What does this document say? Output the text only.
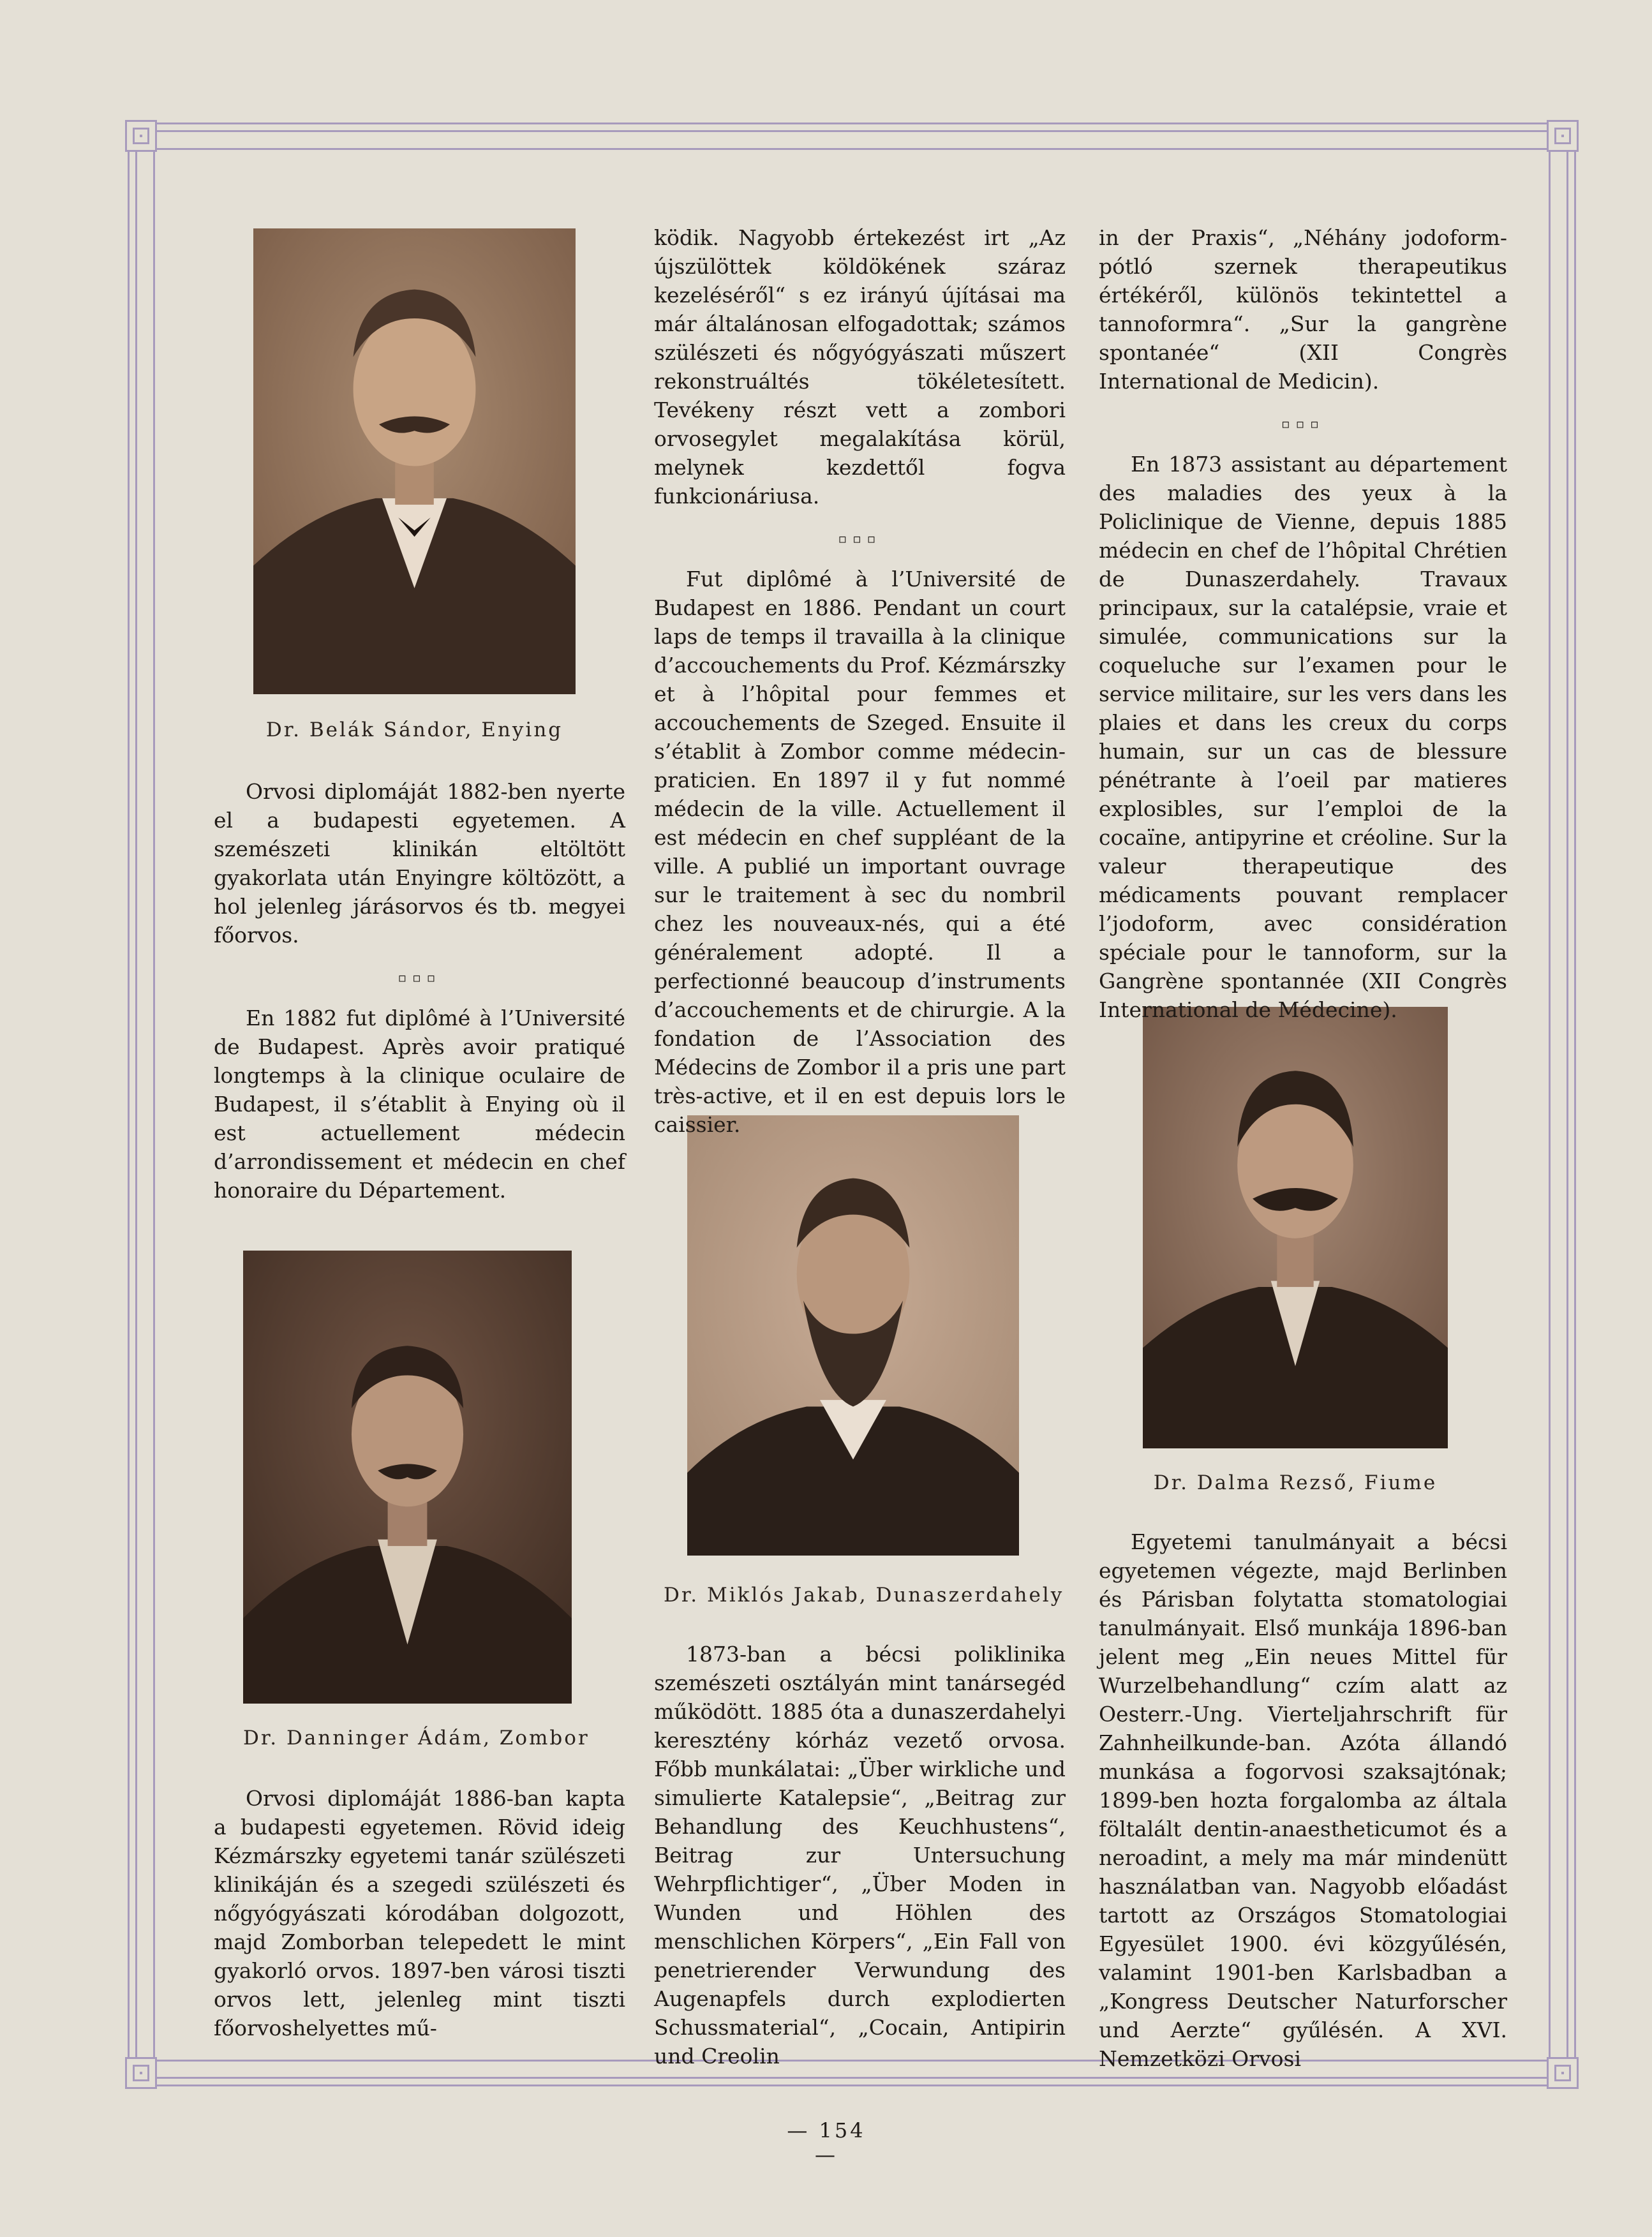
Dr. Belák Sándor, Enying
Dr. Danninger Ádám, Zombor
Dr. Miklós Jakab, Dunaszerdahely
Dr. Dalma Rezső, Fiume

Orvosi diplomáját 1882-ben nyerte el a budapesti egyetemen. A szemészeti klinikán eltöltött gyakorlata után Enyingre költözött, a hol jelenleg járásorvos és tb. megyei főorvos.

▫▫▫

En 1882 fut diplômé à l’Université de Budapest. Après avoir pratiqué longtemps à la clinique oculaire de Budapest, il s’établit à Enying où il est actuellement médecin d’arrondissement et médecin en chef honoraire du Département.

Orvosi diplomáját 1886-ban kapta a budapesti egyetemen. Rövid ideig Kézmárszky egyetemi tanár szülészeti klinikáján és a szegedi szülészeti és nőgyógyászati kórodában dolgozott, majd Zomborban telepedett le mint gyakorló orvos. 1897-ben városi tiszti orvos lett, jelenleg mint tiszti főorvoshelyettes mű-

ködik. Nagyobb értekezést irt „Az újszülöttek köldökének száraz kezeléséről“ s ez irányú újításai ma már általánosan elfogadottak; számos szülészeti és nőgyógyászati műszert rekonstruáltés tökéletesített. Tevékeny részt vett a zombori orvosegylet megalakítása körül, melynek kezdettől fogva funkcionáriusa.

▫▫▫

Fut diplômé à l’Université de Budapest en 1886. Pendant un court laps de temps il travailla à la clinique d’accouchements du Prof. Kézmárszky et à l’hôpital pour femmes et accouchements de Szeged. Ensuite il s’établit à Zombor comme médecin-praticien. En 1897 il y fut nommé médecin de la ville. Actuellement il est médecin en chef suppléant de la ville. A publié un important ouvrage sur le traitement à sec du nombril chez les nouveaux-nés, qui a été généralement adopté. Il a perfectionné beaucoup d’instruments d’accouchements et de chirurgie. A la fondation de l’Association des Médecins de Zombor il a pris une part très-active, et il en est depuis lors le caissier.

1873-ban a bécsi poliklinika szemészeti osztályán mint tanársegéd működött. 1885 óta a dunaszerdahelyi keresztény kórház vezető orvosa. Főbb munkálatai: „Über wirkliche und simulierte Katalepsie“, „Beitrag zur Behandlung des Keuchhustens“, Beitrag zur Untersuchung Wehrpflichtiger“, „Über Moden in Wunden und Höhlen des menschlichen Körpers“, „Ein Fall von penetrierender Verwundung des Augenapfels durch explodierten Schussmaterial“, „Cocain, Antipirin und Creolin

in der Praxis“, „Néhány jodoform-pótló szernek therapeutikus értékéről, különös tekintettel a tannoformra“. „Sur la gangrène spontanée“ (XII Congrès International de Medicin).

▫▫▫

En 1873 assistant au département des maladies des yeux à la Policlinique de Vienne, depuis 1885 médecin en chef de l’hôpital Chrétien de Dunaszerdahely. Travaux principaux, sur la catalépsie, vraie et simulée, communications sur la coqueluche sur l’examen pour le service militaire, sur les vers dans les plaies et dans les creux du corps humain, sur un cas de blessure pénétrante à l’oeil par matieres explosibles, sur l’emploi de la cocaïne, antipyrine et créoline. Sur la valeur therapeutique des médicaments pouvant remplacer l’jodoform, avec considération spéciale pour le tannoform, sur la Gangrène spontannée (XII Congrès International de Médecine).

Egyetemi tanulmányait a bécsi egyetemen végezte, majd Berlinben és Párisban folytatta stomatologiai tanulmányait. Első munkája 1896-ban jelent meg „Ein neues Mittel für Wurzelbehandlung“ czím alatt az Oesterr.-Ung. Vierteljahrschrift für Zahnheilkunde-ban. Azóta állandó munkása a fogorvosi szaksajtónak; 1899-ben hozta forgalomba az általa föltalált dentin-anaestheticumot és a neroadint, a mely ma már mindenütt használatban van. Nagyobb előadást tartott az Országos Stomatologiai Egyesület 1900. évi közgyűlésén, valamint 1901-ben Karlsbadban a „Kongress Deutscher Naturforscher und Aerzte“ gyűlésén. A XVI. Nemzetközi Orvosi

— 154 —
